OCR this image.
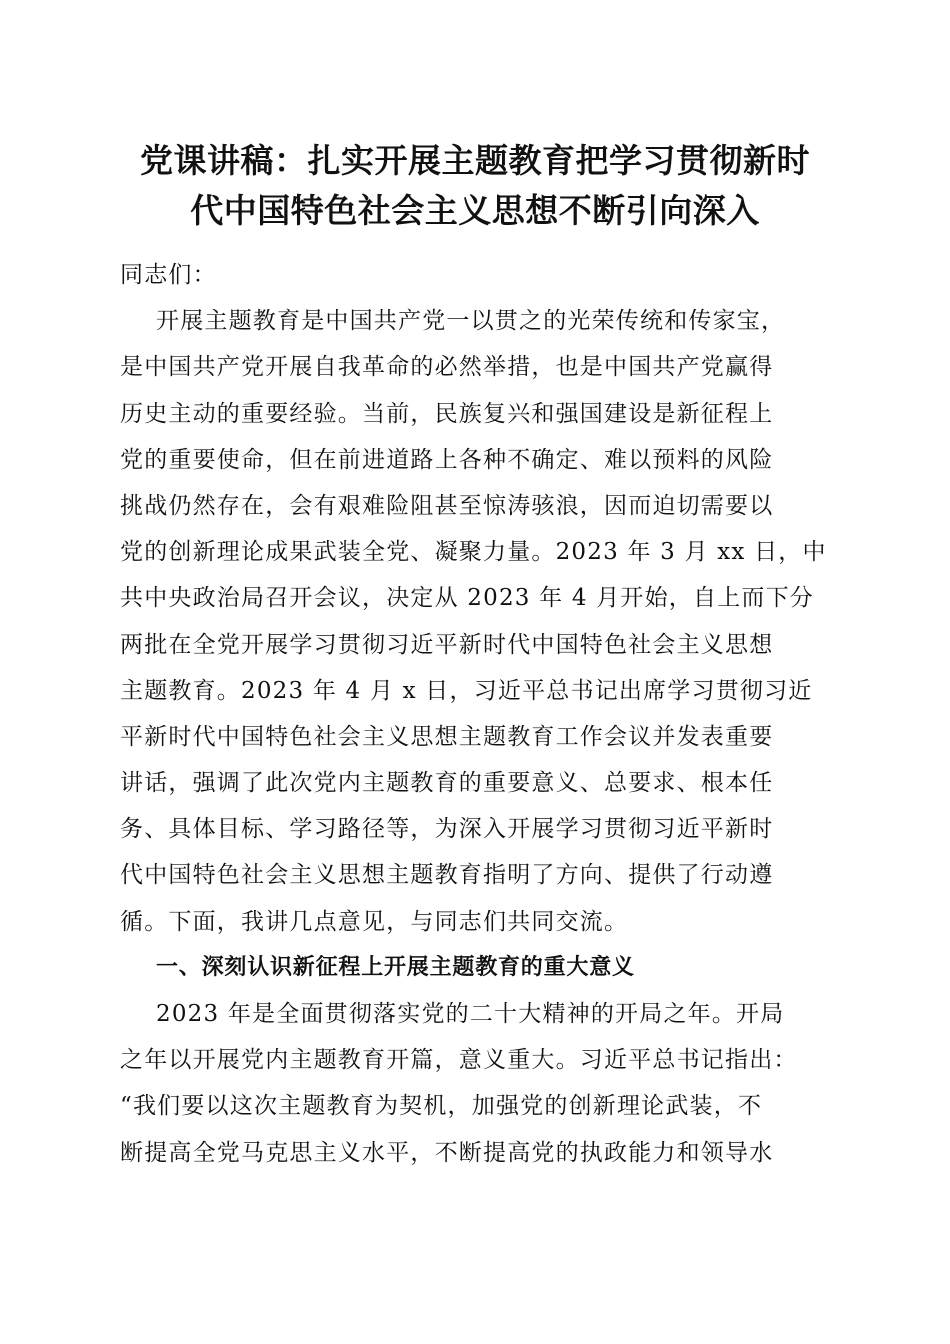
党课讲稿：扎实开展主题教育把学习贯彻新时
代中国特色社会主义思想不断引向深入
同志们：
开展主题教育是中国共产党一以贯之的光荣传统和传家宝，
是中国共产党开展自我革命的必然举措，也是中国共产党赢得
历史主动的重要经验。当前，民族复兴和强国建设是新征程上
党的重要使命，但在前进道路上各种不确定、难以预料的风险
挑战仍然存在，会有艰难险阻甚至惊涛骇浪，因而迫切需要以
党的创新理论成果武装全党、凝聚力量。2023 年 3 月 xx 日，中
共中央政治局召开会议，决定从 2023 年 4 月开始，自上而下分
两批在全党开展学习贯彻习近平新时代中国特色社会主义思想
主题教育。2023 年 4 月 x 日，习近平总书记出席学习贯彻习近
平新时代中国特色社会主义思想主题教育工作会议并发表重要
讲话，强调了此次党内主题教育的重要意义、总要求、根本任
务、具体目标、学习路径等，为深入开展学习贯彻习近平新时
代中国特色社会主义思想主题教育指明了方向、提供了行动遵
循。下面，我讲几点意见，与同志们共同交流。
一、深刻认识新征程上开展主题教育的重大意义
2023 年是全面贯彻落实党的二十大精神的开局之年。开局
之年以开展党内主题教育开篇，意义重大。习近平总书记指出：
“我们要以这次主题教育为契机，加强党的创新理论武装，不
断提高全党马克思主义水平，不断提高党的执政能力和领导水
